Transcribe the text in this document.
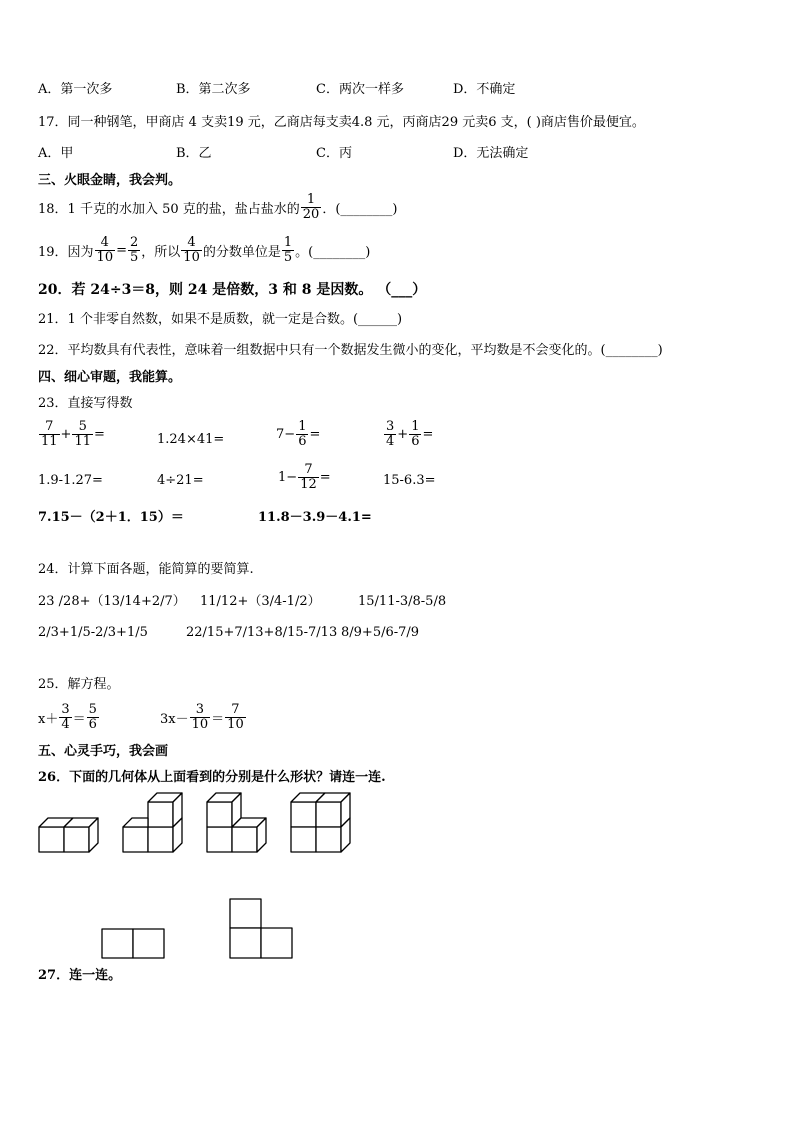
A．第一次多	B．第二次多	C．两次一样多	D．不确定
17．同一种钢笔，甲商店 4 支卖19 元，乙商店每支卖4.8 元，丙商店29 元卖6 支，( )商店售价最便宜。
A．甲	B．乙	C．丙	D．无法确定
三、火眼金睛，我会判。
18．1 千克的水加入 50 克的盐，盐占盐水的 $\frac{1}{20}$ ．(________)
19．因为 $\frac{4}{10} = \frac{2}{5}$ ，所以 $\frac{4}{10}$ 的分数单位是 $\frac{1}{5}$ 。(________)
20．若 24÷3＝8，则 24 是倍数，3 和 8 是因数。 （___）
21．1 个非零自然数，如果不是质数，就一定是合数。(______)
22．平均数具有代表性，意味着一组数据中只有一个数据发生微小的变化，平均数是不会变化的。(________)
四、细心审题，我能算。
23．直接写得数
$\frac{7}{11} + \frac{5}{11}$ =	1.24×41=	$7 - \frac{1}{6}$ =	$\frac{3}{4} + \frac{1}{6}$ =
1.9-1.27=	4÷21=	$1 - \frac{7}{12}$ =	15-6.3=
7.15－（2＋1．15）＝	11.8－3.9－4.1=
24．计算下面各题，能简算的要简算.
23 /28+（13/14+2/7） 11/12+（3/4-1/2）	15/11-3/8-5/8
2/3+1/5-2/3+1/5	22/15+7/13+8/15-7/13 8/9+5/6-7/9
25．解方程。
$x+ \frac{3}{4} = \frac{5}{6}$	$3x- \frac{3}{10} = \frac{7}{10}$
五、心灵手巧，我会画
26．下面的几何体从上面看到的分别是什么形状？请连一连.
27．连一连。
